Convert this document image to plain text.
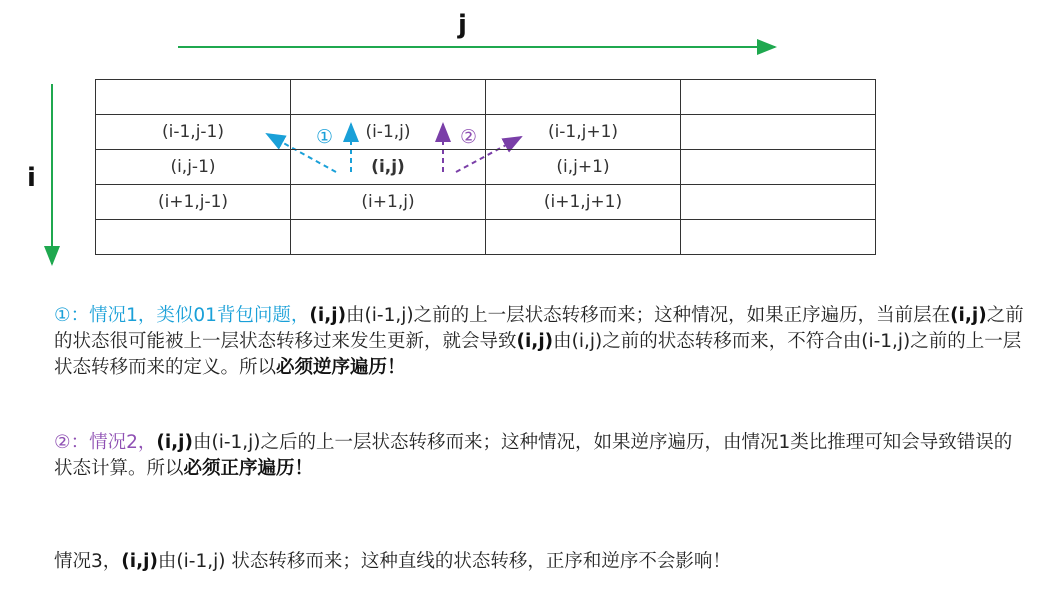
j
i

(i-1,j-1)	(i-1,j)	(i-1,j+1)	
(i,j-1)	(i,j)	(i,j+1)	
(i+1,j-1)	(i+1,j)	(i+1,j+1)	

①	②
①：情况1，类似01背包问题，(i,j)由(i-1,j)之前的上一层状态转移而来；这种情况，如果正序遍历，当前层在(i,j)之前的状态很可能被上一层状态转移过来发生更新，就会导致(i,j)由(i,j)之前的状态转移而来，不符合由(i-1,j)之前的上一层状态转移而来的定义。所以必须逆序遍历！
②：情况2，(i,j)由(i-1,j)之后的上一层状态转移而来；这种情况，如果逆序遍历，由情况1类比推理可知会导致错误的状态计算。所以必须正序遍历！
情况3，(i,j)由(i-1,j) 状态转移而来；这种直线的状态转移，正序和逆序不会影响！
